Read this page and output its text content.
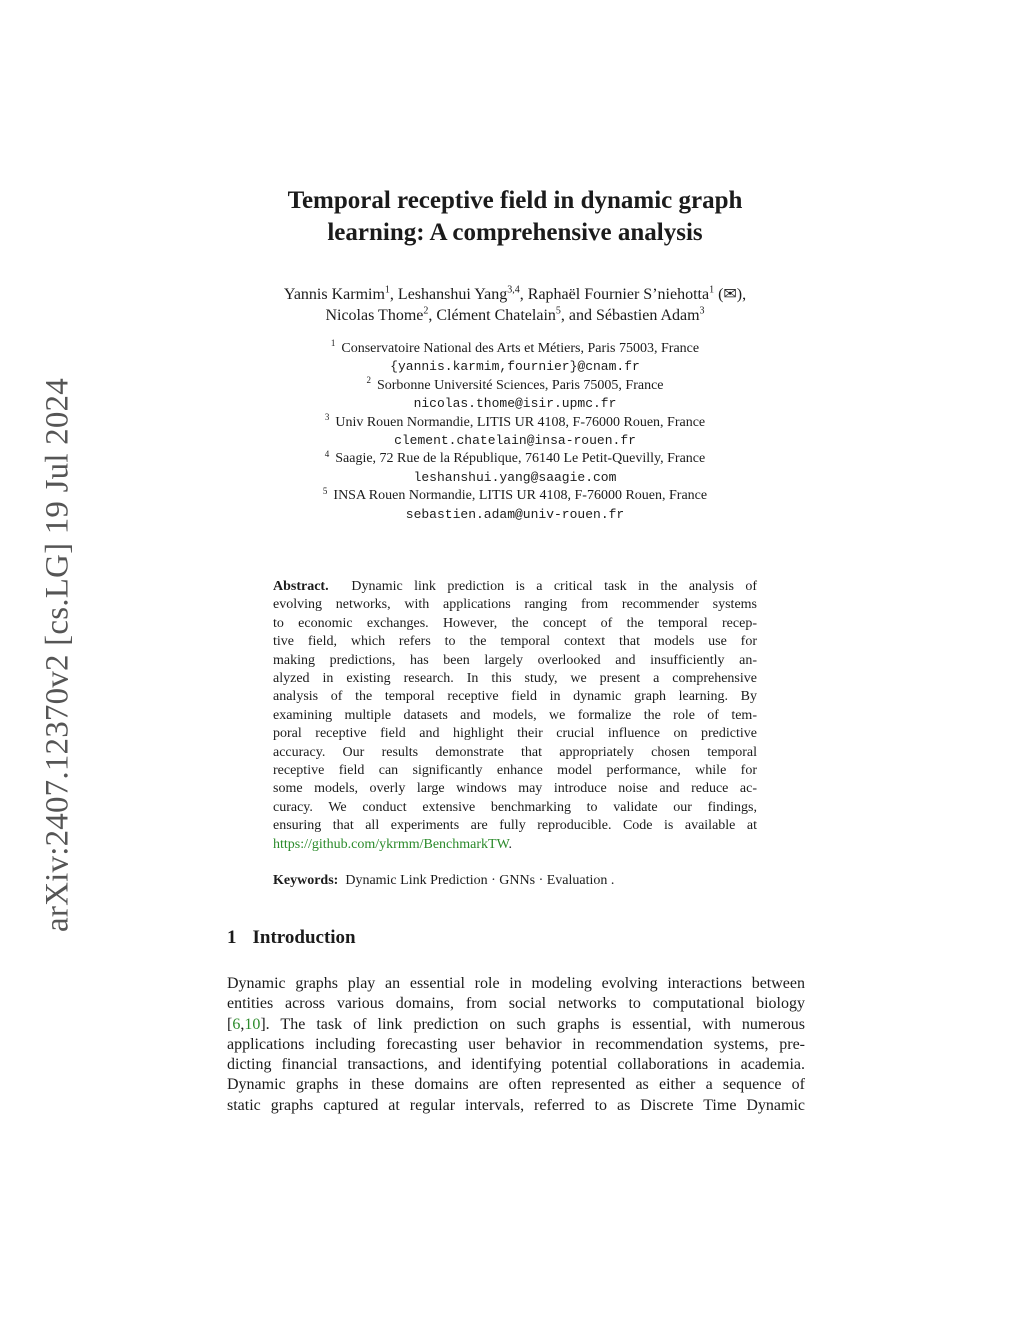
arXiv:2407.12370v2 [cs.LG] 19 Jul 2024
Temporal receptive field in dynamic graph
learning: A comprehensive analysis
Yannis Karmim$^1$, Leshanshui Yang$^{3,4}$, Raphaël Fournier S’niehotta$^1$ (✉),
Nicolas Thome$^2$, Clément Chatelain$^5$, and Sébastien Adam$^3$
$^1$ Conservatoire National des Arts et Métiers, Paris 75003, France
{yannis.karmim,fournier}@cnam.fr
$^2$ Sorbonne Université Sciences, Paris 75005, France
nicolas.thome@isir.upmc.fr
$^3$ Univ Rouen Normandie, LITIS UR 4108, F-76000 Rouen, France
clement.chatelain@insa-rouen.fr
$^4$ Saagie, 72 Rue de la République, 76140 Le Petit-Quevilly, France
leshanshui.yang@saagie.com
$^5$ INSA Rouen Normandie, LITIS UR 4108, F-76000 Rouen, France
sebastien.adam@univ-rouen.fr
Abstract. Dynamic link prediction is a critical task in the analysis of
evolving networks, with applications ranging from recommender systems
to economic exchanges. However, the concept of the temporal recep-
tive field, which refers to the temporal context that models use for
making predictions, has been largely overlooked and insufficiently an-
alyzed in existing research. In this study, we present a comprehensive
analysis of the temporal receptive field in dynamic graph learning. By
examining multiple datasets and models, we formalize the role of tem-
poral receptive field and highlight their crucial influence on predictive
accuracy. Our results demonstrate that appropriately chosen temporal
receptive field can significantly enhance model performance, while for
some models, overly large windows may introduce noise and reduce ac-
curacy. We conduct extensive benchmarking to validate our findings,
ensuring that all experiments are fully reproducible. Code is available at
https://github.com/ykrmm/BenchmarkTW.
Keywords: Dynamic Link Prediction · GNNs · Evaluation .
1 Introduction
Dynamic graphs play an essential role in modeling evolving interactions between
entities across various domains, from social networks to computational biology
[6,10]. The task of link prediction on such graphs is essential, with numerous
applications including forecasting user behavior in recommendation systems, pre-
dicting financial transactions, and identifying potential collaborations in academia.
Dynamic graphs in these domains are often represented as either a sequence of
static graphs captured at regular intervals, referred to as Discrete Time Dynamic
